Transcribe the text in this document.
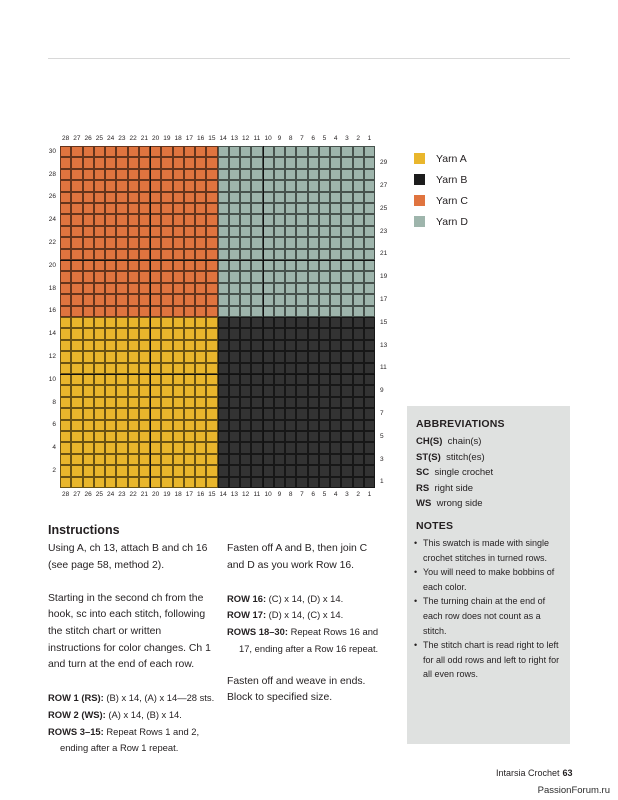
28 27 26 25 24 23 22 21 20 19 18 17 16 15 14 13 12 11 10 9	8	7	6	5	4	3	2	1
28 27 26 25 24 23 22 21 20 19 18 17 16 15 14 13 12 11 10 9	8	7	6	5	4	3	2	1
30
28
26
24
22
20
18
16
14
12
10
8
6
4
2
29
27
25
23
21
19
17
15
13
11
9
7
5
3
1
Yarn A
Yarn B
Yarn C
Yarn D
ABBREVIATIONS
CH(S) chain(s)
ST(S) stitch(es)
SC single crochet
RS right side
WS wrong side
NOTES
• This swatch is made with single crochet stitches in turned rows.
• You will need to make bobbins of each color.
• The turning chain at the end of each row does not count as a stitch.
• The stitch chart is read right to left for all odd rows and left to right for all even rows.
Instructions

Using A, ch 13, attach B and ch 16 (see page 58, method 2).

Starting in the second ch from the hook, sc into each stitch, following the stitch chart or written instructions for color changes. Ch 1 and turn at the end of each row.

ROW 1 (RS): (B) x 14, (A) x 14—28 sts.

ROW 2 (WS): (A) x 14, (B) x 14.

ROWS 3–15: Repeat Rows 1 and 2, ending after a Row 1 repeat.

Fasten off A and B, then join C and D as you work Row 16.

ROW 16: (C) x 14, (D) x 14.

ROW 17: (D) x 14, (C) x 14.

ROWS 18–30: Repeat Rows 16 and 17, ending after a Row 16 repeat.

Fasten off and weave in ends. Block to specified size.

Intarsia Crochet 63
PassionForum.ru
